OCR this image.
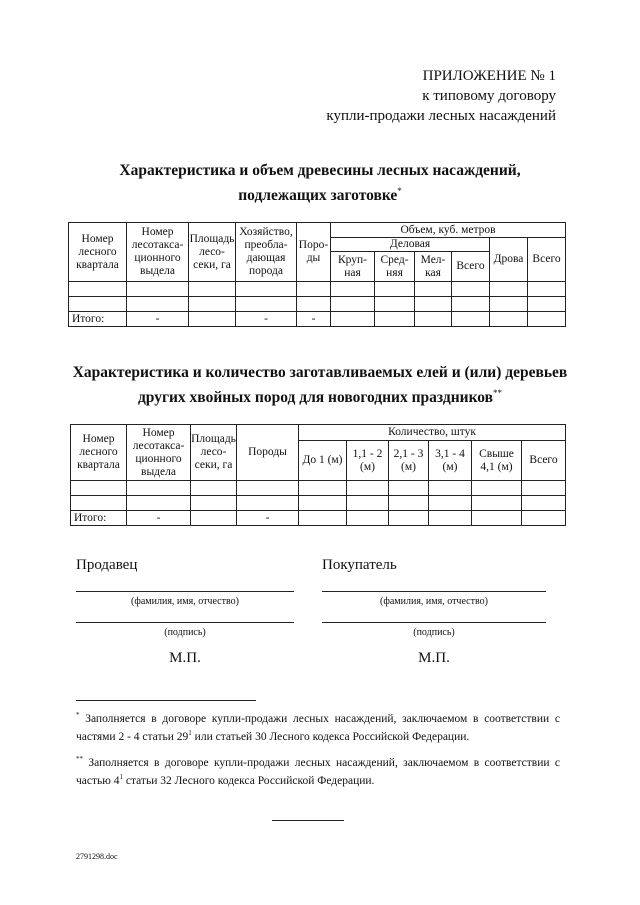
ПРИЛОЖЕНИЕ № 1
к типовому договору
купли-продажи лесных насаждений
Характеристика и объем древесины лесных насаждений,
подлежащих заготовке*
Номер лесного квартала	Номер лесотакса-ционного выдела	Площадь лесо-секи, га	Хозяйство, преобла-дающая порода	Поро-ды	Объем, куб. метров					
					Деловая				Дрова	Всего
					Круп-ная	Сред-няя	Мел-кая	Всего		

Итого:	-		-	-						
Характеристика и количество заготавливаемых елей и (или) деревьев
других хвойных пород для новогодних праздников**
Номер лесного квартала	Номер лесотакса-ционного выдела	Площадь лесо-секи, га	Породы	Количество, штук					
				До 1 (м)	1,1 - 2 (м)	2,1 - 3 (м)	3,1 - 4 (м)	Свыше 4,1 (м)	Всего

Итого:	-		-						
Продавец	Покупатель
(фамилия, имя, отчество)	(фамилия, имя, отчество)
(подпись)	(подпись)
М.П.	М.П.
* Заполняется в договоре купли-продажи лесных насаждений, заключаемом в соответствии с частями 2 - 4 статьи $29^1$ или статьей 30 Лесного кодекса Российской Федерации.
** Заполняется в договоре купли-продажи лесных насаждений, заключаемом в соответствии с частью $4^1$ статьи 32 Лесного кодекса Российской Федерации.
2791298.doc
